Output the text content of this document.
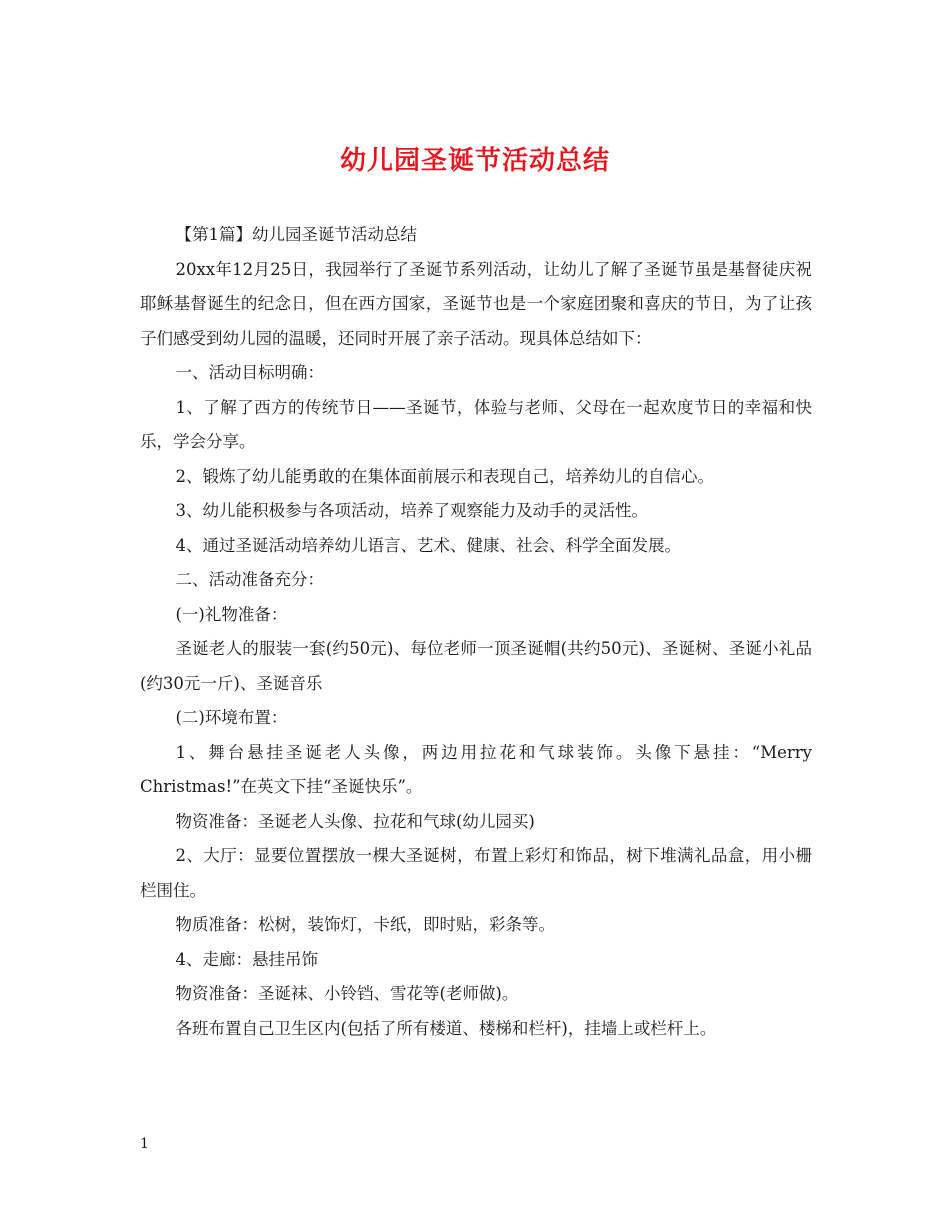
幼儿园圣诞节活动总结

【第1篇】幼儿园圣诞节活动总结

20xx年12月25日，我园举行了圣诞节系列活动，让幼儿了解了圣诞节虽是基督徒庆祝耶稣基督诞生的纪念日，但在西方国家，圣诞节也是一个家庭团聚和喜庆的节日，为了让孩子们感受到幼儿园的温暖，还同时开展了亲子活动。现具体总结如下：

一、活动目标明确：

1、了解了西方的传统节日——圣诞节，体验与老师、父母在一起欢度节日的幸福和快乐，学会分享。

2、锻炼了幼儿能勇敢的在集体面前展示和表现自己，培养幼儿的自信心。

3、幼儿能积极参与各项活动，培养了观察能力及动手的灵活性。

4、通过圣诞活动培养幼儿语言、艺术、健康、社会、科学全面发展。

二、活动准备充分：

(一)礼物准备：

圣诞老人的服装一套(约50元)、每位老师一顶圣诞帽(共约50元)、圣诞树、圣诞小礼品(约30元一斤)、圣诞音乐

(二)环境布置：

1、舞台悬挂圣诞老人头像，两边用拉花和气球装饰。头像下悬挂：“Merry Christmas!”在英文下挂“圣诞快乐”。

物资准备：圣诞老人头像、拉花和气球(幼儿园买)

2、大厅：显要位置摆放一棵大圣诞树，布置上彩灯和饰品，树下堆满礼品盒，用小栅栏围住。

物质准备：松树，装饰灯，卡纸，即时贴，彩条等。

4、走廊：悬挂吊饰

物资准备：圣诞袜、小铃铛、雪花等(老师做)。

各班布置自己卫生区内(包括了所有楼道、楼梯和栏杆)，挂墙上或栏杆上。

1
